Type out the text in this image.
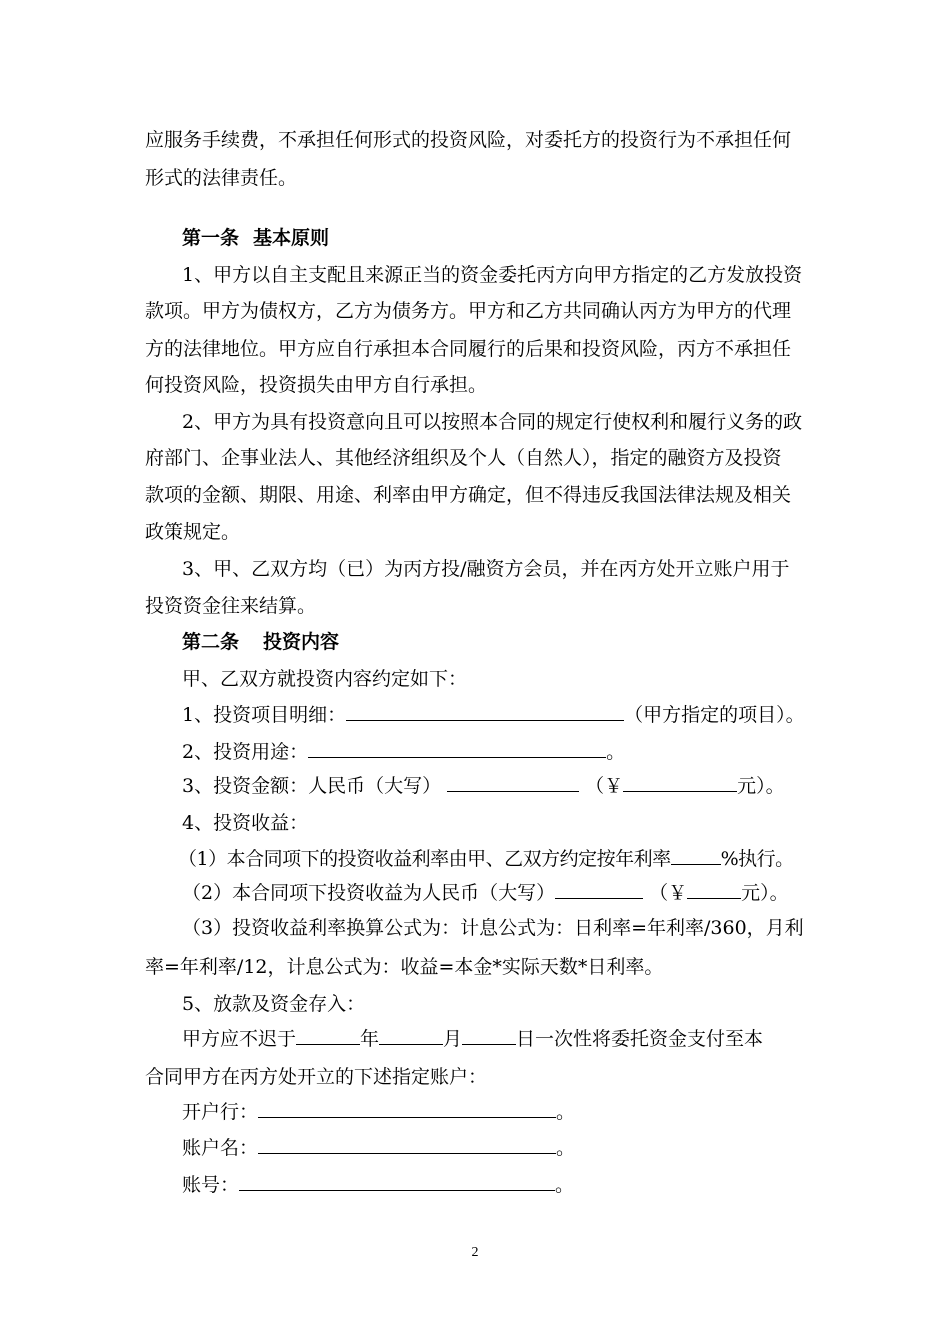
应服务手续费，不承担任何形式的投资风险，对委托方的投资行为不承担任何
形式的法律责任。
第一条 基本原则
1、甲方以自主支配且来源正当的资金委托丙方向甲方指定的乙方发放投资
款项。甲方为债权方，乙方为债务方。甲方和乙方共同确认丙方为甲方的代理
方的法律地位。甲方应自行承担本合同履行的后果和投资风险，丙方不承担任
何投资风险，投资损失由甲方自行承担。
2、甲方为具有投资意向且可以按照本合同的规定行使权利和履行义务的政
府部门、企事业法人、其他经济组织及个人（自然人），指定的融资方及投资
款项的金额、期限、用途、利率由甲方确定，但不得违反我国法律法规及相关
政策规定。
3、甲、乙双方均（已）为丙方投/融资方会员，并在丙方处开立账户用于
投资资金往来结算。
第二条 投资内容
甲、乙双方就投资内容约定如下：
1、投资项目明细：	（甲方指定的项目）。
2、投资用途：	。
3、投资金额：人民币（大写）	（￥	元）。
4、投资收益：
（1）本合同项下的投资收益利率由甲、乙双方约定按年利率	%执行。
（2）本合同项下投资收益为人民币（大写）	（￥	元）。
（3）投资收益利率换算公式为：计息公式为：日利率=年利率/360，月利
率=年利率/12，计息公式为：收益=本金*实际天数*日利率。
5、放款及资金存入：
甲方应不迟于	年	月	日一次性将委托资金支付至本
合同甲方在丙方处开立的下述指定账户：
开户行：	。
账户名：	。
账号：	。
2
